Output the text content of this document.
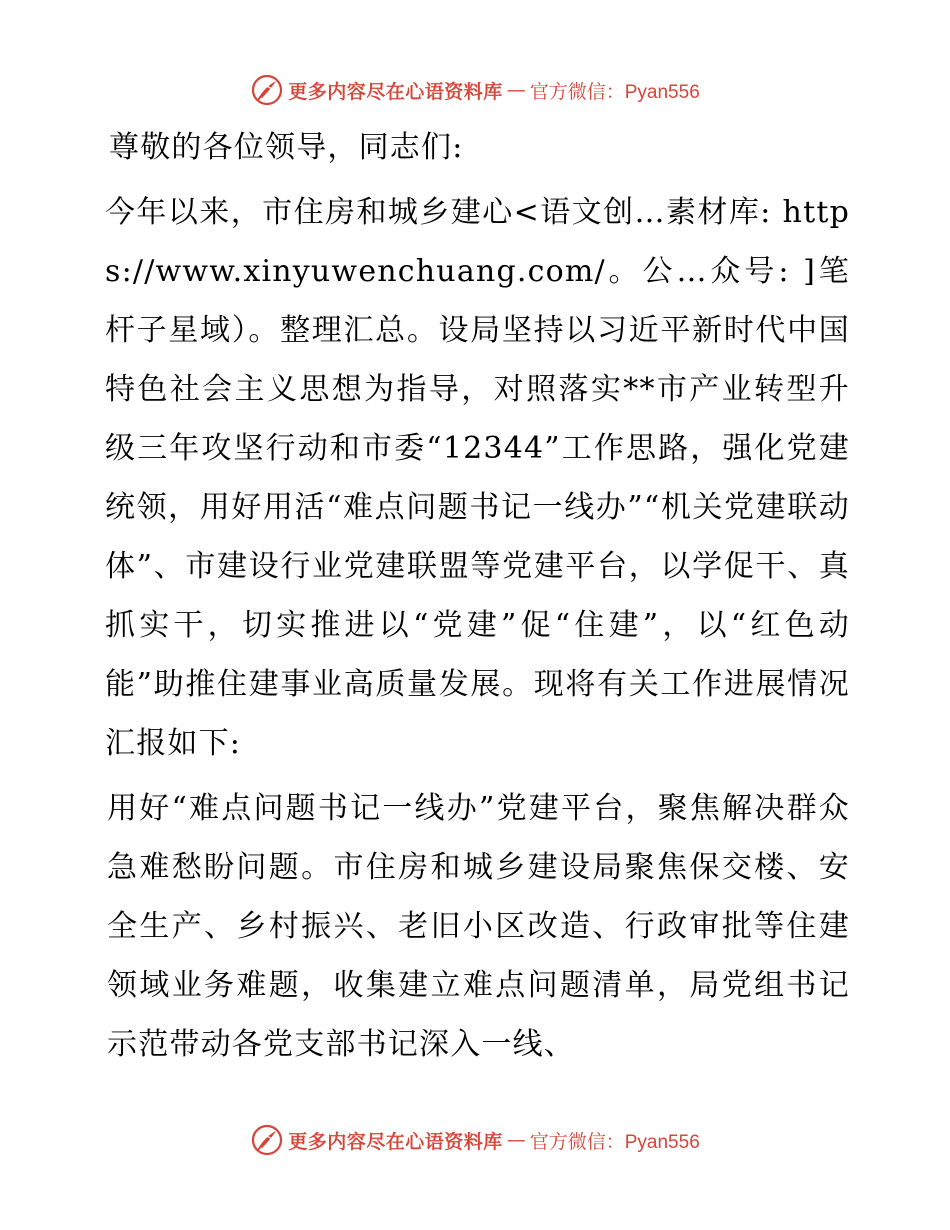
更多内容尽在心语资料库 — 官方微信：Pyan556

尊敬的各位领导，同志们:

今年以来，市住房和城乡建心<语文创…素材库: https://www.xinyuwenchuang.com/。公…众号: ]笔杆子星域）。整理汇总。设局坚持以习近平新时代中国特色社会主义思想为指导，对照落实**市产业转型升级三年攻坚行动和市委“12344”工作思路，强化党建统领，用好用活“难点问题书记一线办”“机关党建联动体”、市建设行业党建联盟等党建平台，以学促干、真抓实干，切实推进以“党建”促“住建”，以“红色动能”助推住建事业高质量发展。现将有关工作进展情况汇报如下:

用好“难点问题书记一线办”党建平台，聚焦解决群众急难愁盼问题。市住房和城乡建设局聚焦保交楼、安全生产、乡村振兴、老旧小区改造、行政审批等住建领域业务难题，收集建立难点问题清单，局党组书记示范带动各党支部书记深入一线、

更多内容尽在心语资料库 — 官方微信：Pyan556
